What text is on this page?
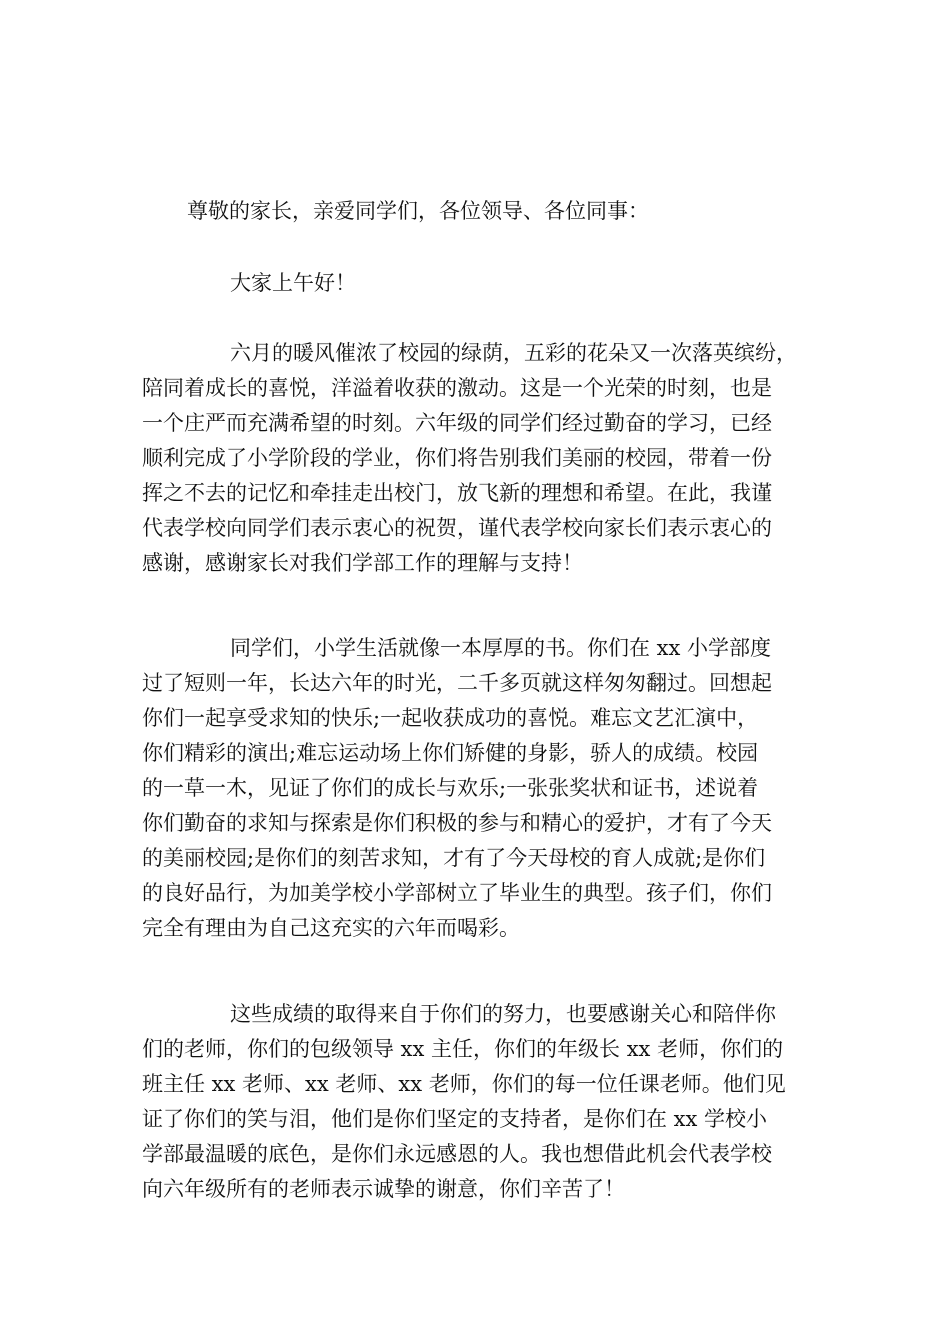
尊敬的家长，亲爱同学们，各位领导、各位同事：
大家上午好！
六月的暖风催浓了校园的绿荫，五彩的花朵又一次落英缤纷，
陪同着成长的喜悦，洋溢着收获的激动。这是一个光荣的时刻，也是
一个庄严而充满希望的时刻。六年级的同学们经过勤奋的学习，已经
顺利完成了小学阶段的学业，你们将告别我们美丽的校园，带着一份
挥之不去的记忆和牵挂走出校门，放飞新的理想和希望。在此，我谨
代表学校向同学们表示衷心的祝贺，谨代表学校向家长们表示衷心的
感谢，感谢家长对我们学部工作的理解与支持！
同学们，小学生活就像一本厚厚的书。你们在 xx 小学部度
过了短则一年，长达六年的时光，二千多页就这样匆匆翻过。回想起
你们一起享受求知的快乐;一起收获成功的喜悦。难忘文艺汇演中，
你们精彩的演出;难忘运动场上你们矫健的身影，骄人的成绩。校园
的一草一木，见证了你们的成长与欢乐;一张张奖状和证书，述说着
你们勤奋的求知与探索是你们积极的参与和精心的爱护，才有了今天
的美丽校园;是你们的刻苦求知，才有了今天母校的育人成就;是你们
的良好品行，为加美学校小学部树立了毕业生的典型。孩子们，你们
完全有理由为自己这充实的六年而喝彩。
这些成绩的取得来自于你们的努力，也要感谢关心和陪伴你
们的老师，你们的包级领导 xx 主任，你们的年级长 xx 老师，你们的
班主任 xx 老师、xx 老师、xx 老师，你们的每一位任课老师。他们见
证了你们的笑与泪，他们是你们坚定的支持者，是你们在 xx 学校小
学部最温暖的底色，是你们永远感恩的人。我也想借此机会代表学校
向六年级所有的老师表示诚挚的谢意，你们辛苦了！
